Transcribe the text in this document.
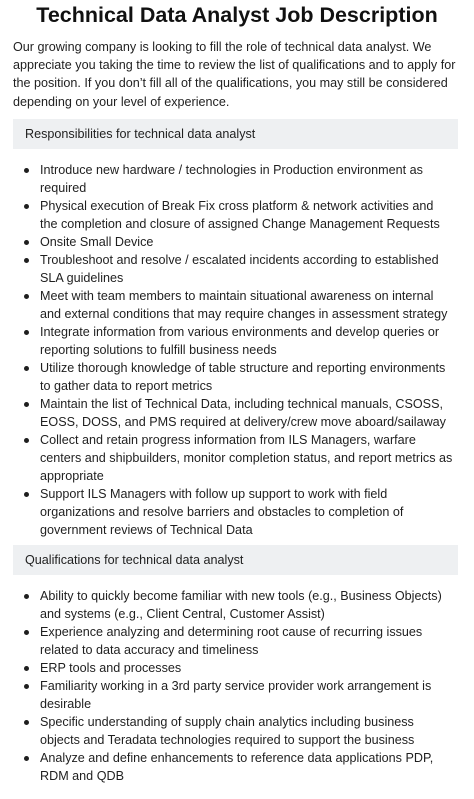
Technical Data Analyst Job Description

Our growing company is looking to fill the role of technical data analyst. We appreciate you taking the time to review the list of qualifications and to apply for the position. If you don’t fill all of the qualifications, you may still be considered depending on your level of experience.

Responsibilities for technical data analyst
Introduce new hardware / technologies in Production environment as required
Physical execution of Break Fix cross platform & network activities and the completion and closure of assigned Change Management Requests
Onsite Small Device
Troubleshoot and resolve / escalated incidents according to established SLA guidelines
Meet with team members to maintain situational awareness on internal and external conditions that may require changes in assessment strategy
Integrate information from various environments and develop queries or reporting solutions to fulfill business needs
Utilize thorough knowledge of table structure and reporting environments to gather data to report metrics
Maintain the list of Technical Data, including technical manuals, CSOSS, EOSS, DOSS, and PMS required at delivery/crew move aboard/sailaway
Collect and retain progress information from ILS Managers, warfare centers and shipbuilders, monitor completion status, and report metrics as appropriate
Support ILS Managers with follow up support to work with field organizations and resolve barriers and obstacles to completion of government reviews of Technical Data
Qualifications for technical data analyst
Ability to quickly become familiar with new tools (e.g., Business Objects) and systems (e.g., Client Central, Customer Assist)
Experience analyzing and determining root cause of recurring issues related to data accuracy and timeliness
ERP tools and processes
Familiarity working in a 3rd party service provider work arrangement is desirable
Specific understanding of supply chain analytics including business objects and Teradata technologies required to support the business
Analyze and define enhancements to reference data applications PDP, RDM and QDB
